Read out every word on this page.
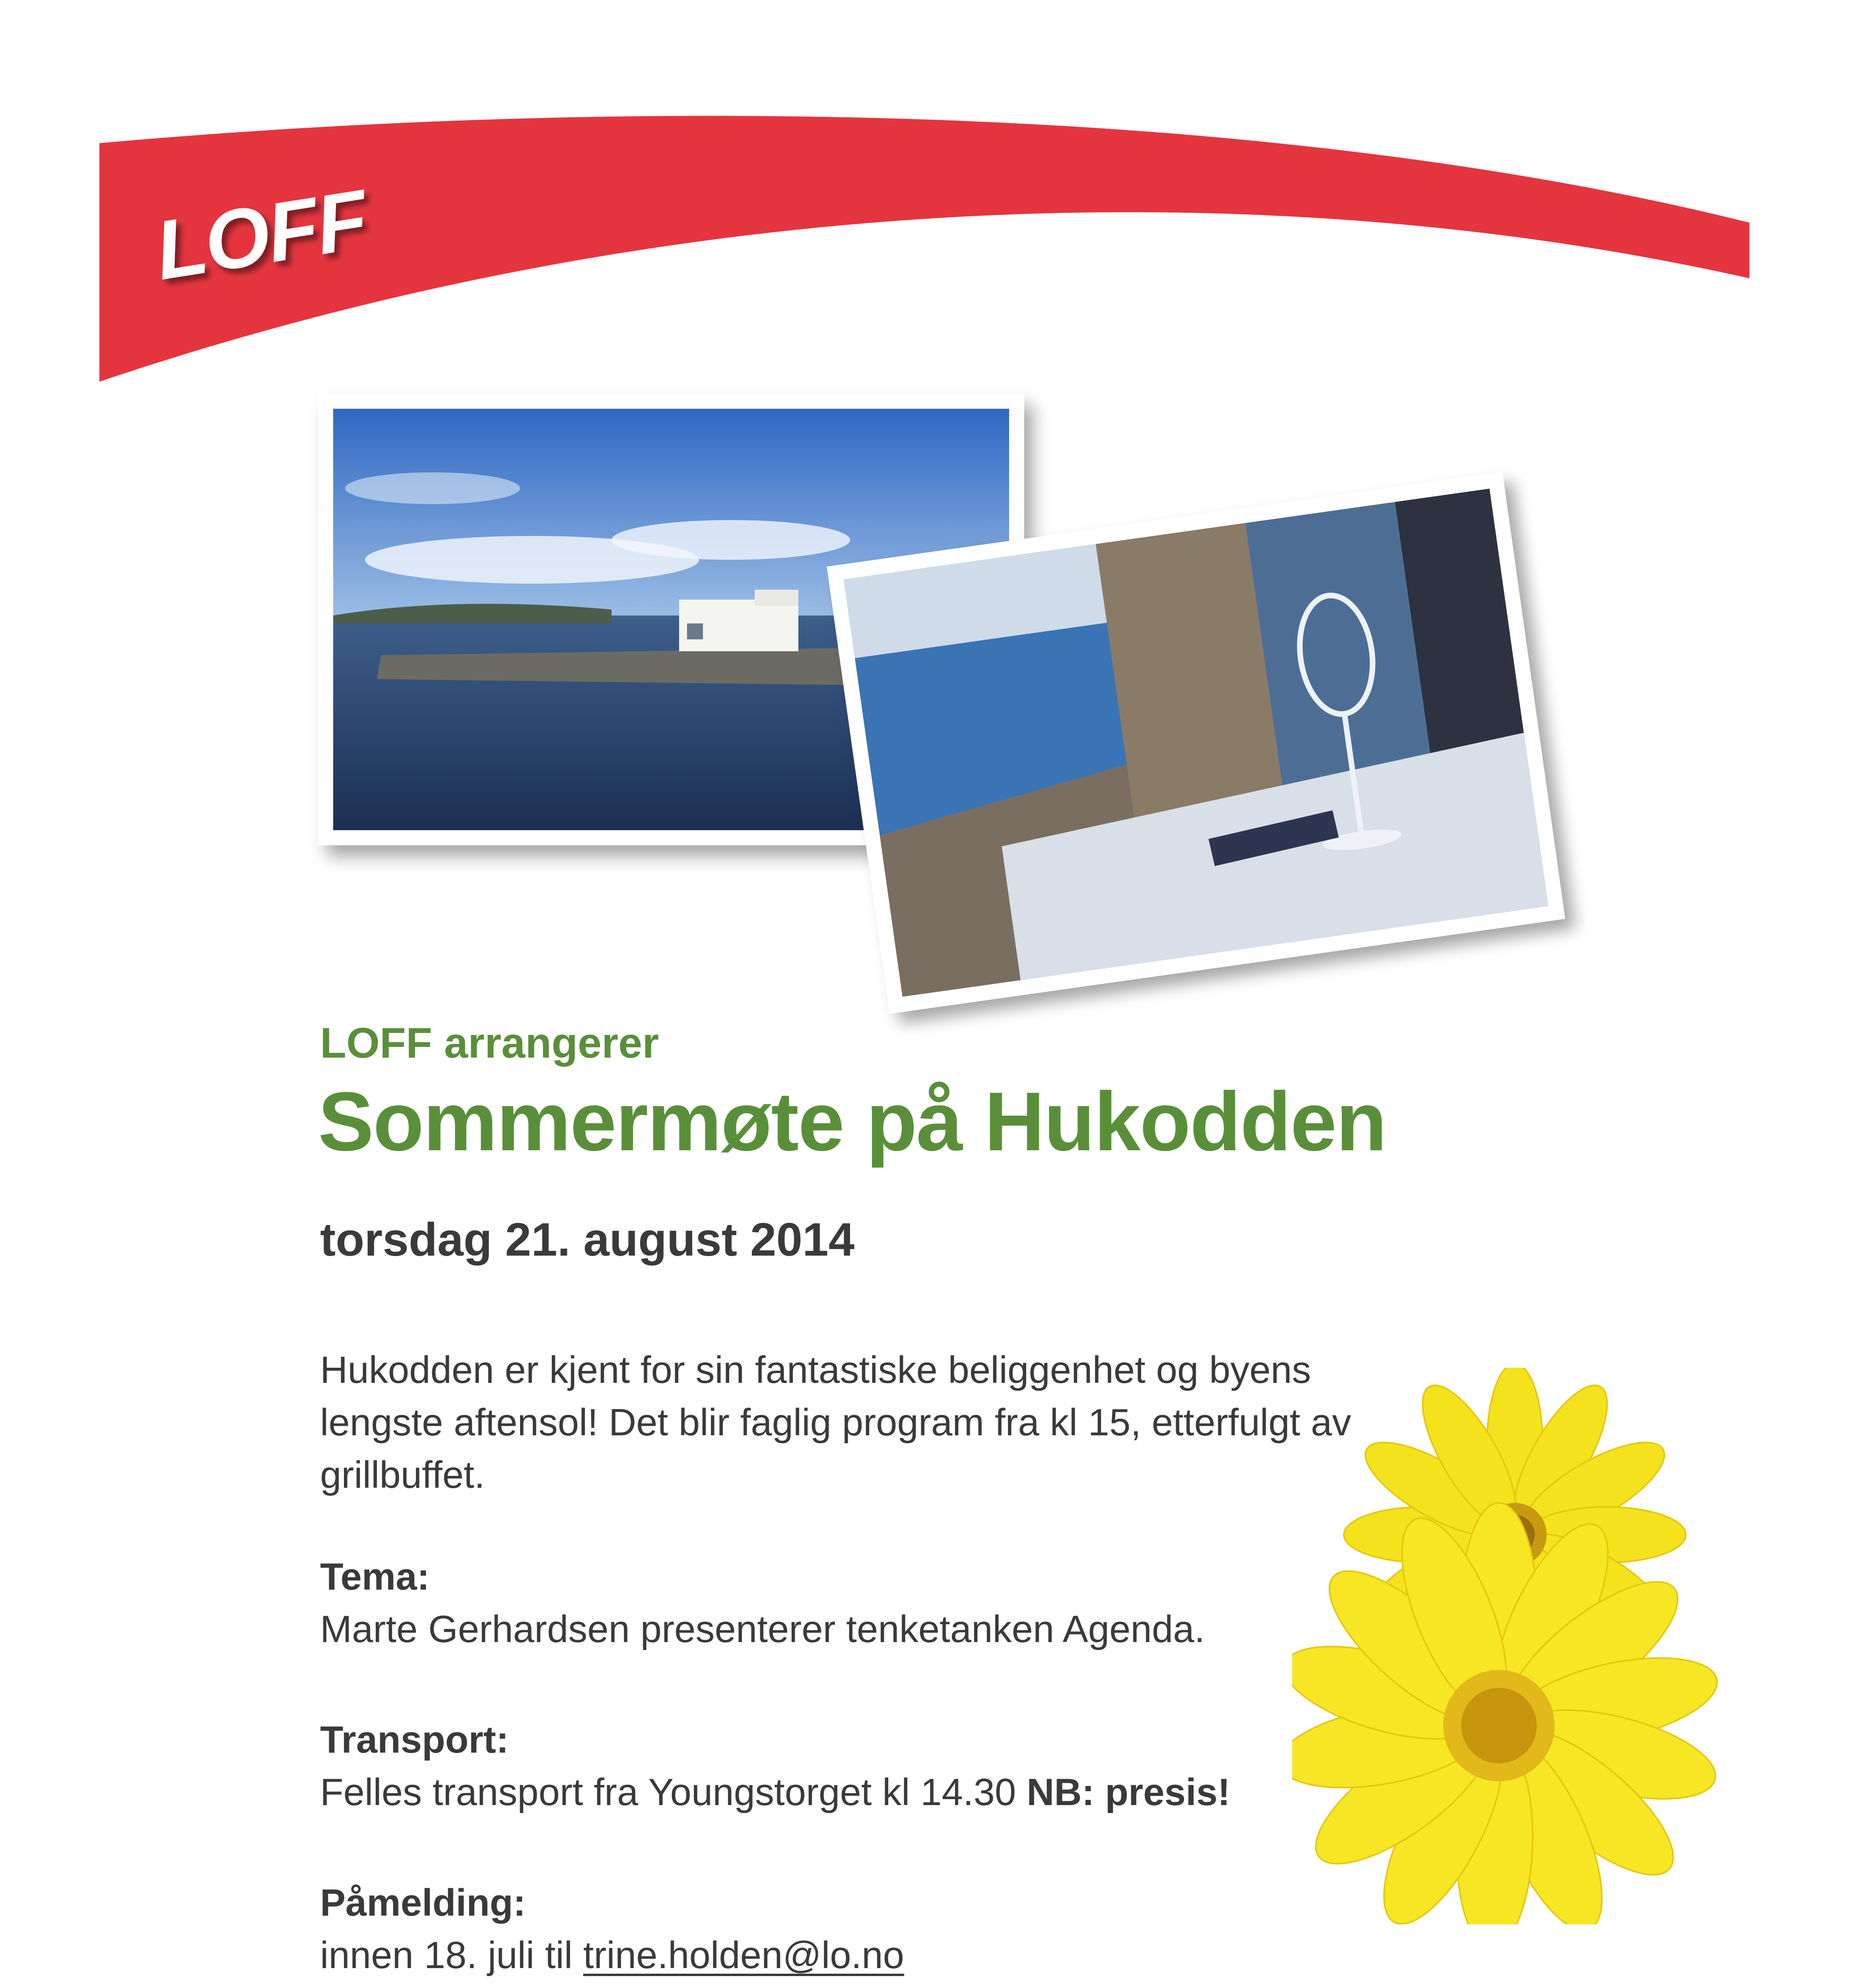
LOFF
LOFF arrangerer
Sommermøte på Hukodden
torsdag 21. august 2014
Hukodden er kjent for sin fantastiske beliggenhet og byens lengste aftensol! Det blir faglig program fra kl 15, etterfulgt av grillbuffet.
Tema:
Marte Gerhardsen presenterer tenketanken Agenda.
Transport:
Felles transport fra Youngstorget kl 14.30 NB: presis!
Påmelding:
innen 18. juli til trine.holden@lo.no
